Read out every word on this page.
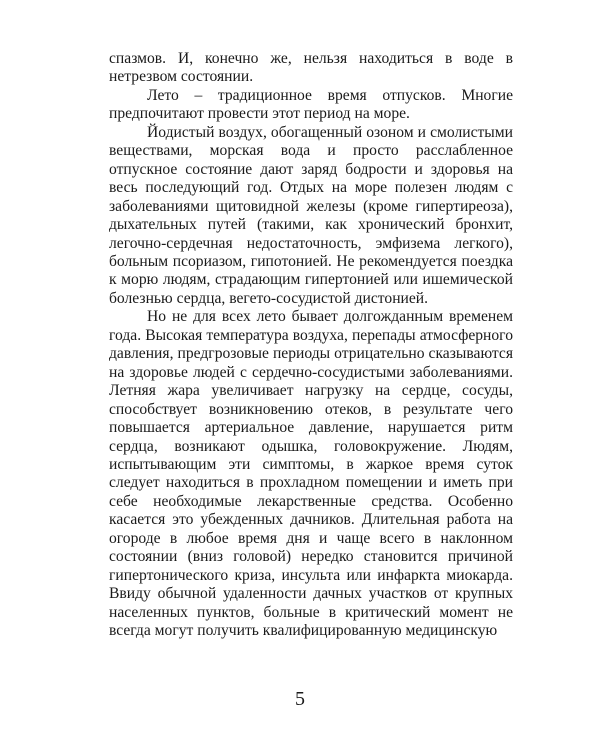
спазмов. И, конечно же, нельзя находиться в воде в нетрезвом состоянии.

Лето – традиционное время отпусков. Многие предпочитают провести этот период на море.

Йодистый воздух, обогащенный озоном и смолистыми веществами, морская вода и просто расслабленное отпускное состояние дают заряд бодрости и здоровья на весь последующий год. Отдых на море полезен людям с заболеваниями щитовидной железы (кроме гипертиреоза), дыхательных путей (такими, как хронический бронхит, легочно-сердечная недостаточность, эмфизема легкого), больным псориазом, гипотонией. Не рекомендуется поездка к морю людям, страдающим гипертонией или ишемической болезнью сердца, вегето-сосудистой дистонией.

Но не для всех лето бывает долгожданным временем года. Высокая температура воздуха, перепады атмосферного давления, предгрозовые периоды отрицательно сказываются на здоровье людей с сердечно-сосудистыми заболеваниями. Летняя жара увеличивает нагрузку на сердце, сосуды, способствует возникновению отеков, в результате чего повышается артериальное давление, нарушается ритм сердца, возникают одышка, головокружение. Людям, испытывающим эти симптомы, в жаркое время суток следует находиться в прохладном помещении и иметь при себе необходимые лекарственные средства. Особенно касается это убежденных дачников. Длительная работа на огороде в любое время дня и чаще всего в наклонном состоянии (вниз головой) нередко становится причиной гипертонического криза, инсульта или инфаркта миокарда. Ввиду обычной удаленности дачных участков от крупных населенных пунктов, больные в критический момент не всегда могут получить квалифицированную медицинскую

5
